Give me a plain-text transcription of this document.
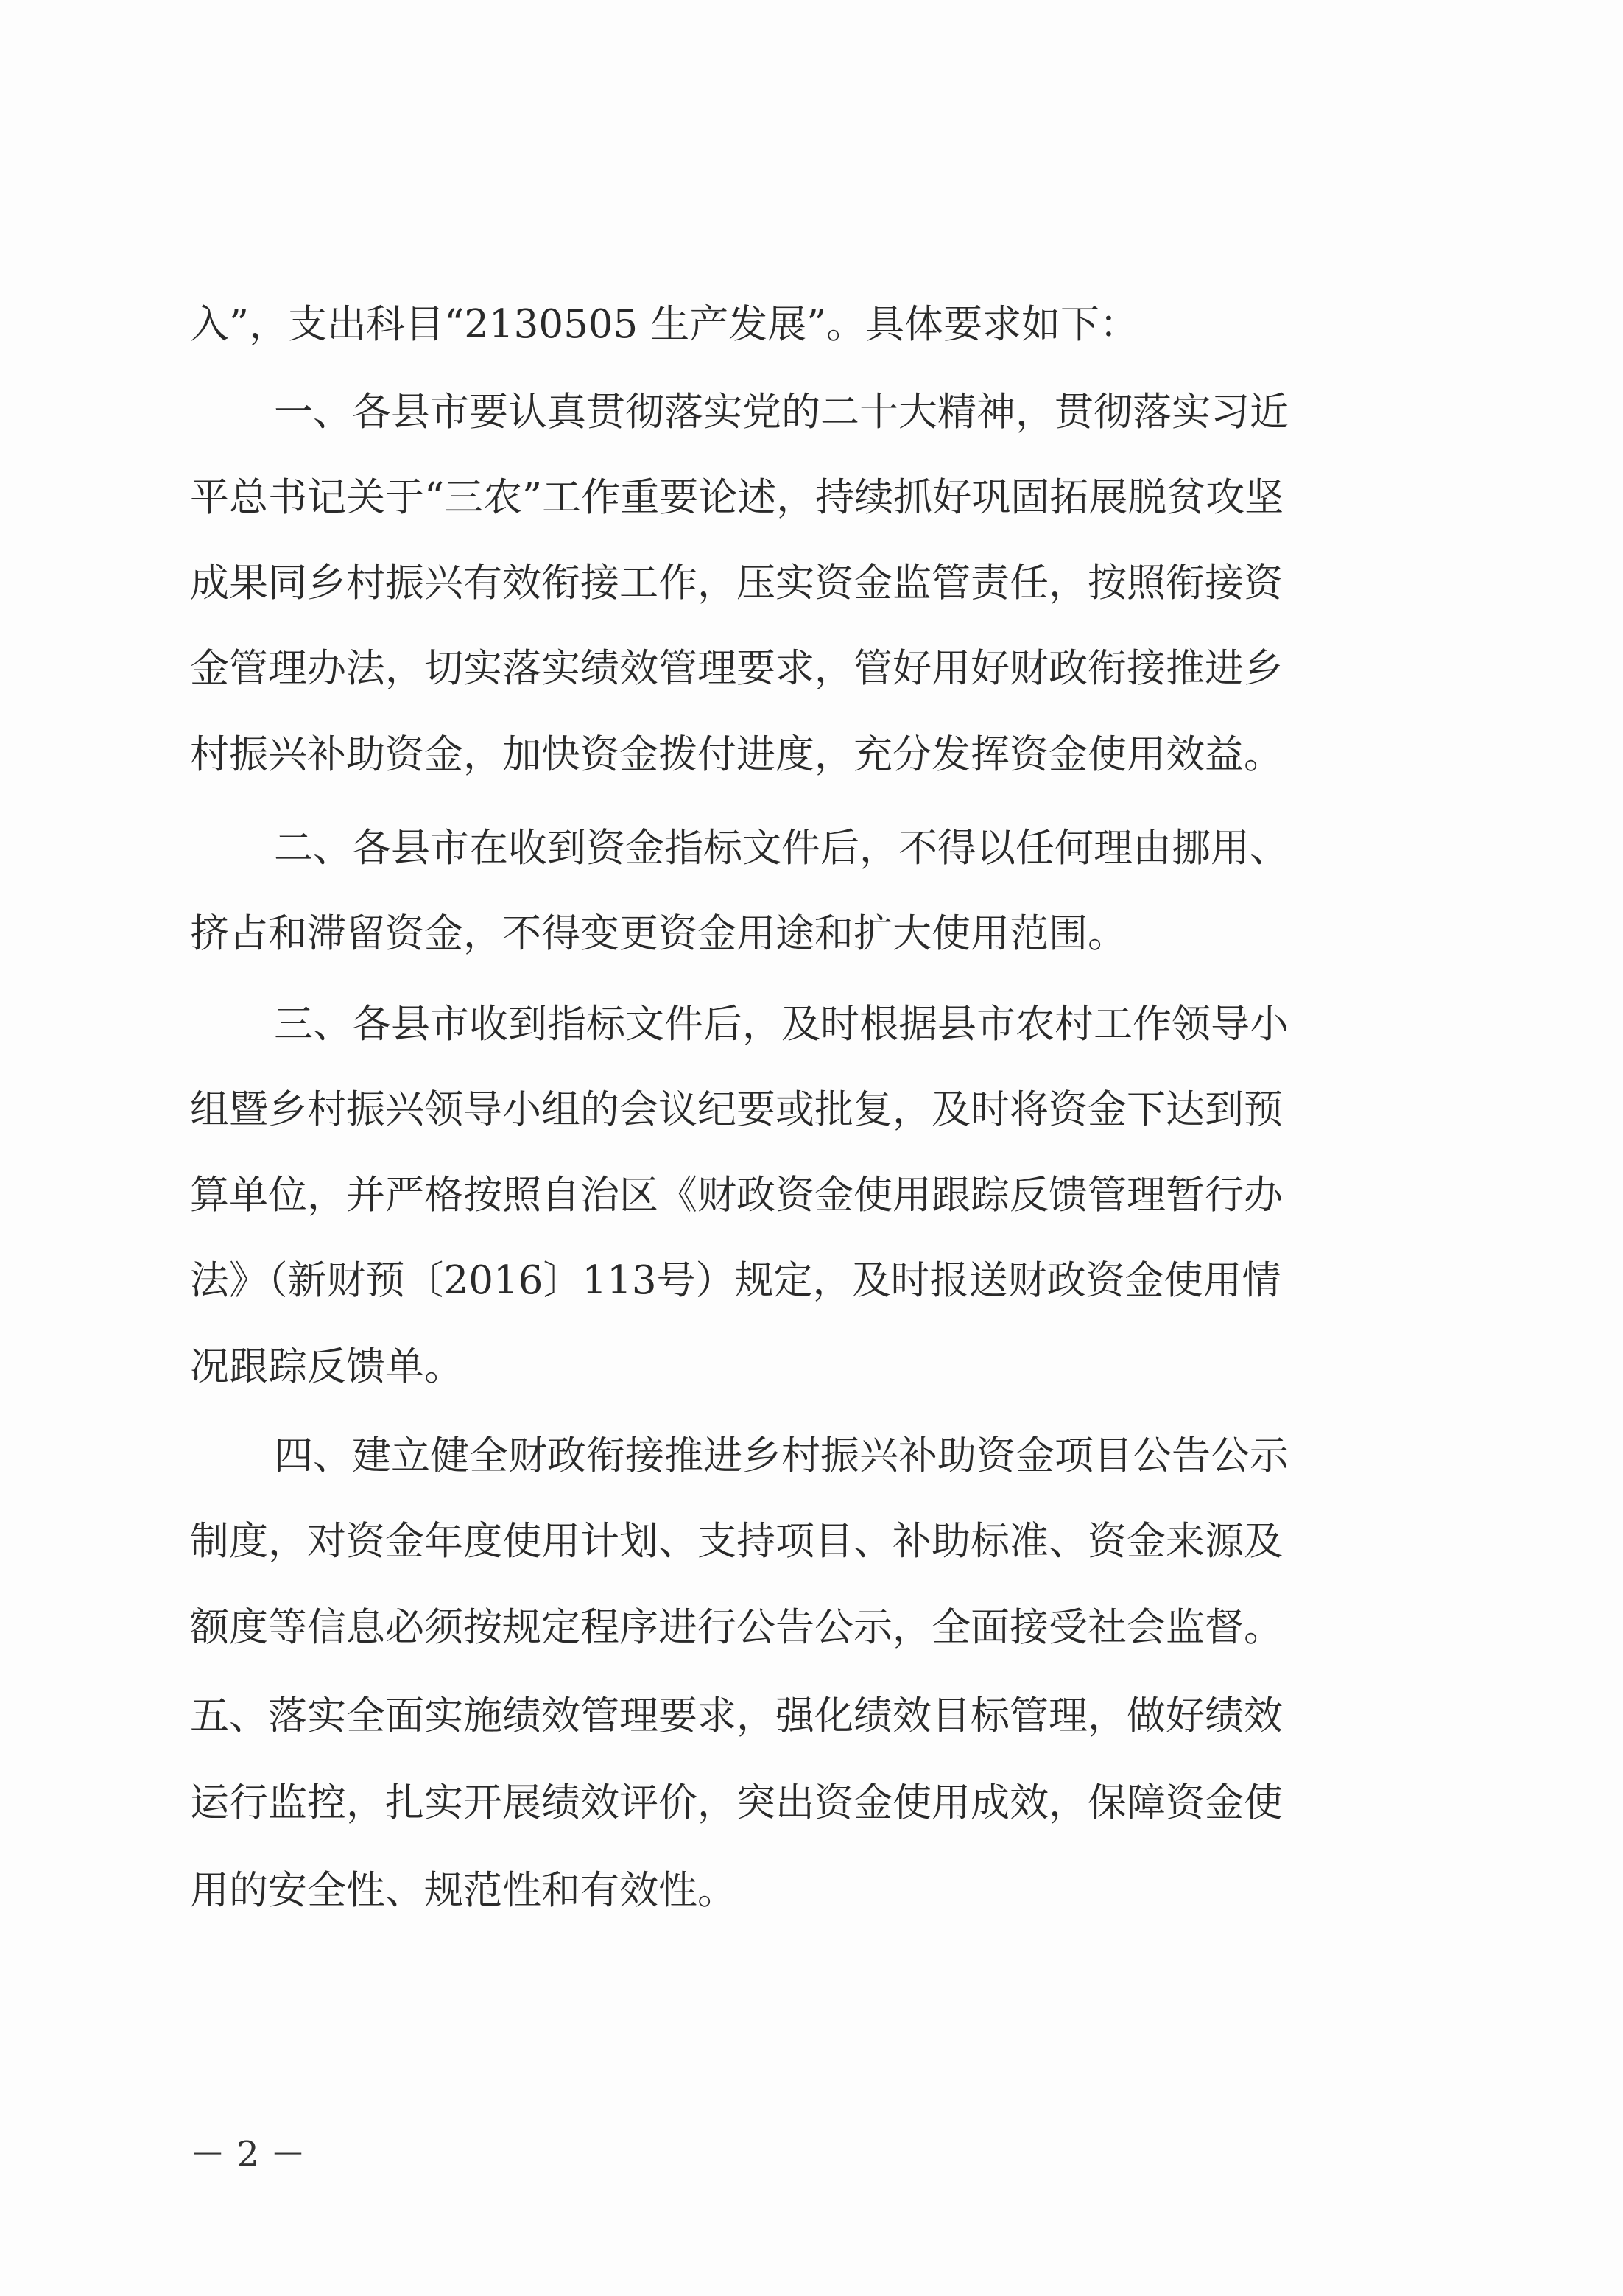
入”，支出科目“2130505 生产发展”。具体要求如下：
一、各县市要认真贯彻落实党的二十大精神，贯彻落实习近
平总书记关于“三农”工作重要论述，持续抓好巩固拓展脱贫攻坚
成果同乡村振兴有效衔接工作，压实资金监管责任，按照衔接资
金管理办法，切实落实绩效管理要求，管好用好财政衔接推进乡
村振兴补助资金，加快资金拨付进度，充分发挥资金使用效益。
二、各县市在收到资金指标文件后，不得以任何理由挪用、
挤占和滞留资金，不得变更资金用途和扩大使用范围。
三、各县市收到指标文件后，及时根据县市农村工作领导小
组暨乡村振兴领导小组的会议纪要或批复，及时将资金下达到预
算单位，并严格按照自治区《财政资金使用跟踪反馈管理暂行办
法》（新财预〔2016〕113号）规定，及时报送财政资金使用情
况跟踪反馈单。
四、建立健全财政衔接推进乡村振兴补助资金项目公告公示
制度，对资金年度使用计划、支持项目、补助标准、资金来源及
额度等信息必须按规定程序进行公告公示，全面接受社会监督。
五、落实全面实施绩效管理要求，强化绩效目标管理，做好绩效
运行监控，扎实开展绩效评价，突出资金使用成效，保障资金使
用的安全性、规范性和有效性。
－ 2 －
